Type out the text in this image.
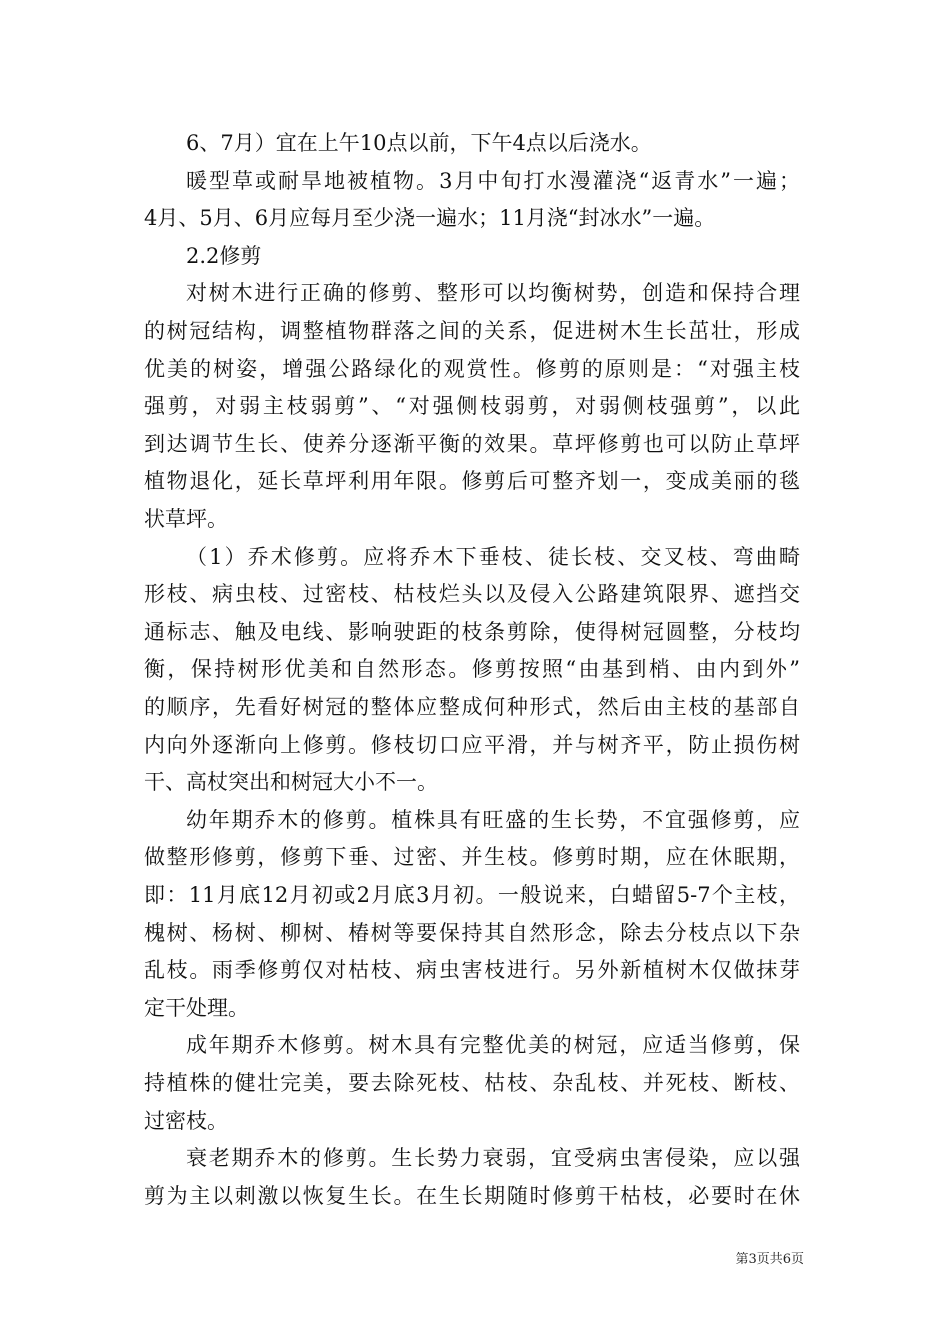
6、7月）宜在上午10点以前，下午4点以后浇水。
暖型草或耐旱地被植物。3月中旬打水漫灌浇“返青水”一遍；
4月、5月、6月应每月至少浇一遍水；11月浇“封冰水”一遍。
2.2修剪
对树木进行正确的修剪、整形可以均衡树势，创造和保持合理
的树冠结构，调整植物群落之间的关系，促进树木生长茁壮，形成
优美的树姿，增强公路绿化的观赏性。修剪的原则是：“对强主枝
强剪，对弱主枝弱剪”、“对强侧枝弱剪，对弱侧枝强剪”，以此
到达调节生长、使养分逐渐平衡的效果。草坪修剪也可以防止草坪
植物退化，延长草坪利用年限。修剪后可整齐划一，变成美丽的毯
状草坪。
（1）乔术修剪。应将乔木下垂枝、徒长枝、交叉枝、弯曲畸
形枝、病虫枝、过密枝、枯枝烂头以及侵入公路建筑限界、遮挡交
通标志、触及电线、影响驶距的枝条剪除，使得树冠圆整，分枝均
衡，保持树形优美和自然形态。修剪按照“由基到梢、由内到外”
的顺序，先看好树冠的整体应整成何种形式，然后由主枝的基部自
内向外逐渐向上修剪。修枝切口应平滑，并与树齐平，防止损伤树
干、高杖突出和树冠大小不一。
幼年期乔木的修剪。植株具有旺盛的生长势，不宜强修剪，应
做整形修剪，修剪下垂、过密、并生枝。修剪时期，应在休眠期，
即：11月底12月初或2月底3月初。一般说来，白蜡留5-7个主枝，
槐树、杨树、柳树、椿树等要保持其自然形念，除去分枝点以下杂
乱枝。雨季修剪仅对枯枝、病虫害枝进行。另外新植树木仅做抹芽
定干处理。
成年期乔木修剪。树木具有完整优美的树冠，应适当修剪，保
持植株的健壮完美，要去除死枝、枯枝、杂乱枝、并死枝、断枝、
过密枝。
衰老期乔木的修剪。生长势力衰弱，宜受病虫害侵染，应以强
剪为主以刺激以恢复生长。在生长期随时修剪干枯枝，必要时在休
第3页共6页
